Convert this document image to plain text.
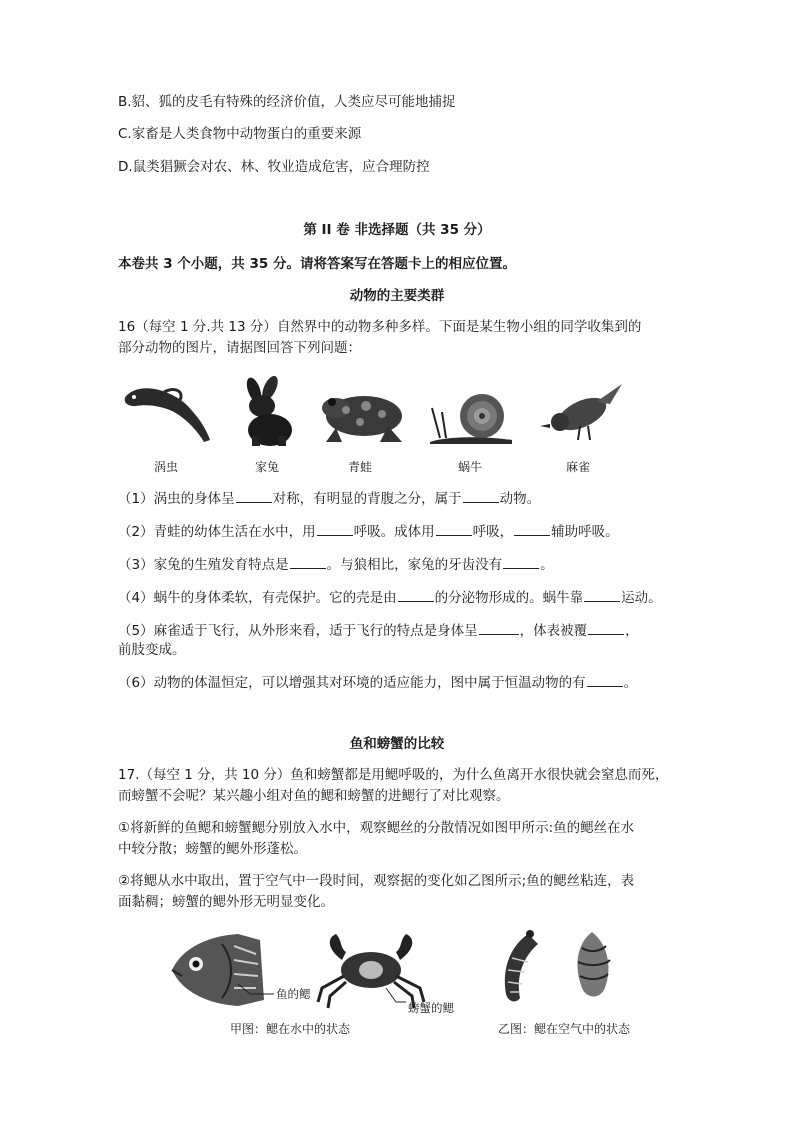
B.貂、狐的皮毛有特殊的经济价值，人类应尽可能地捕捉
C.家畜是人类食物中动物蛋白的重要来源
D.鼠类猖獗会对农、林、牧业造成危害，应合理防控
第 II 卷 非选择题（共 35 分）
本卷共 3 个小题，共 35 分。请将答案写在答题卡上的相应位置。
动物的主要类群
16（每空 1 分.共 13 分）自然界中的动物多种多样。下面是某生物小组的同学收集到的
部分动物的图片，请据图回答下列问题：
涡虫	家兔	青蛙	蜗牛	麻雀
（1）涡虫的身体呈	对称，有明显的背腹之分，属于	动物。
（2）青蛙的幼体生活在水中，用	呼吸。成体用	呼吸，	辅助呼吸。
（3）家兔的生殖发育特点是	。与狼相比，家兔的牙齿没有	。
（4）蜗牛的身体柔软，有壳保护。它的壳是由	的分泌物形成的。蜗牛靠	运动。
（5）麻雀适于飞行，从外形来看，适于飞行的特点是身体呈	，体表被覆	，
前肢变成。
（6）动物的体温恒定，可以增强其对环境的适应能力，图中属于恒温动物的有	。
鱼和螃蟹的比较
17.（每空 1 分，共 10 分）鱼和螃蟹都是用鳃呼吸的，为什么鱼离开水很快就会窒息而死，
而螃蟹不会呢？某兴趣小组对鱼的鳃和螃蟹的进鳃行了对比观察。
①将新鲜的鱼鳃和螃蟹鳃分别放入水中，观察鳃丝的分散情况如图甲所示:鱼的鳃丝在水
中较分散；螃蟹的鳃外形蓬松。
②将鳃从水中取出，置于空气中一段时间，观察据的变化如乙图所示;鱼的鳃丝粘连，表
面黏稠；螃蟹的鳃外形无明显变化。
鱼的鳃
螃蟹的鳃
甲图：鳃在水中的状态	乙图：鳃在空气中的状态
